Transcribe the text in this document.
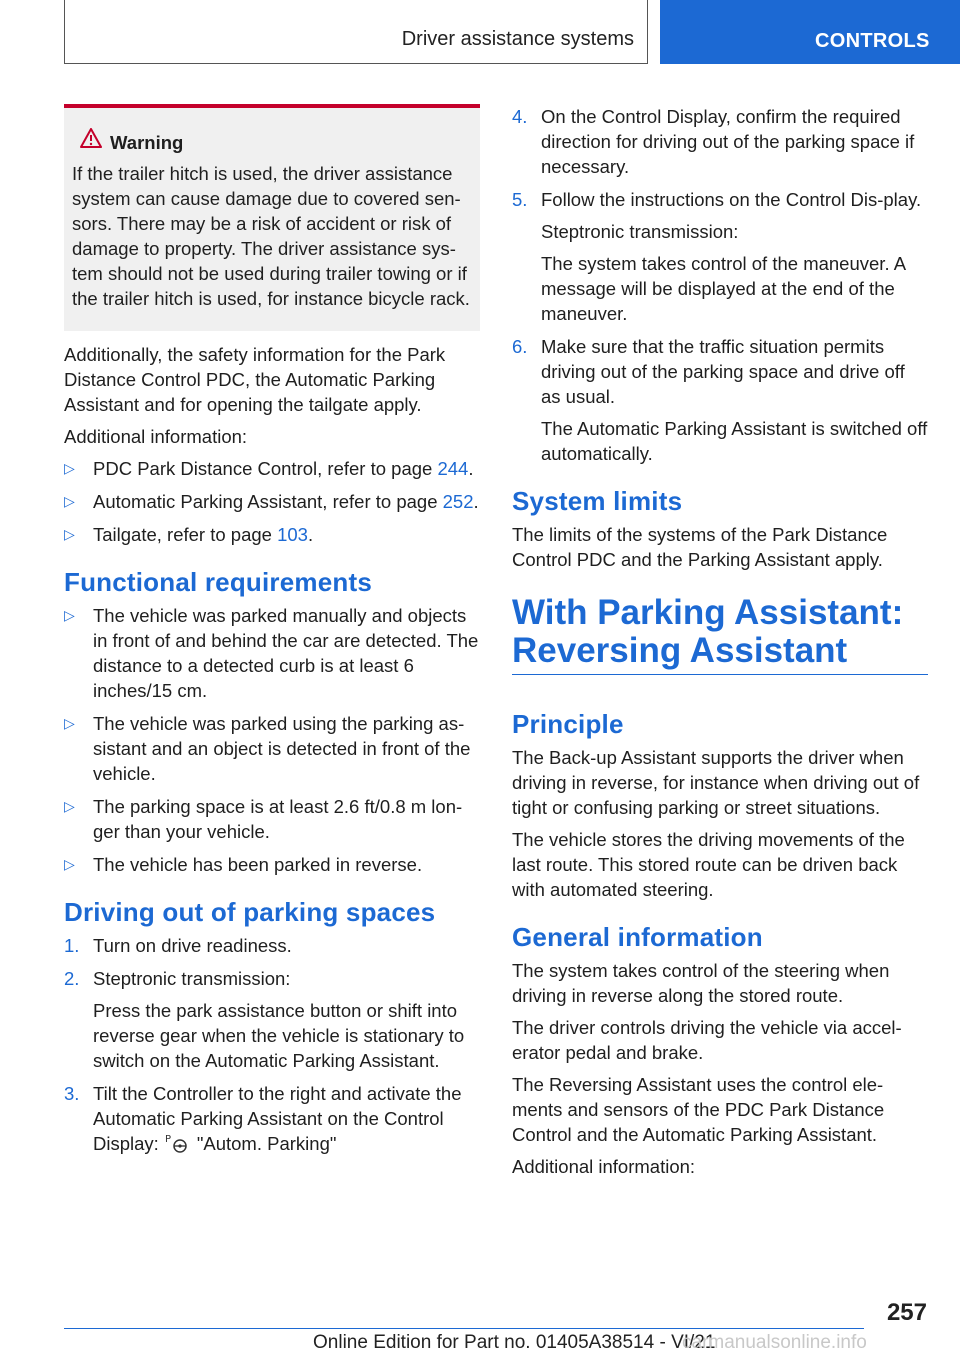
Driver assistance systems	CONTROLS
Warning

If the trailer hitch is used, the driver assistance system can cause damage due to covered sen‐sors. There may be a risk of accident or risk of damage to property. The driver assistance sys‐tem should not be used during trailer towing or if the trailer hitch is used, for instance bicycle rack.

Additionally, the safety information for the Park Distance Control PDC, the Automatic Parking Assistant and for opening the tailgate apply.

Additional information:

▷ PDC Park Distance Control, refer to page 244.
▷ Automatic Parking Assistant, refer to page 252.
▷ Tailgate, refer to page 103.
Functional requirements
▷ The vehicle was parked manually and objects in front of and behind the car are detected. The distance to a detected curb is at least 6 inches/15 cm.
▷ The vehicle was parked using the parking as‐sistant and an object is detected in front of the vehicle.
▷ The parking space is at least 2.6 ft/0.8 m lon‐ger than your vehicle.
▷ The vehicle has been parked in reverse.
Driving out of parking spaces
1. Turn on drive readiness.
2. Steptronic transmission:
Press the park assistance button or shift into reverse gear when the vehicle is stationary to switch on the Automatic Parking Assistant.
3. Tilt the Controller to the right and activate the Automatic Parking Assistant on the Control Display: P "Autom. Parking"
4. On the Control Display, confirm the required direction for driving out of the parking space if necessary.
5. Follow the instructions on the Control Dis‐play.
Steptronic transmission:
The system takes control of the maneuver. A message will be displayed at the end of the maneuver.
6. Make sure that the traffic situation permits driving out of the parking space and drive off as usual.
The Automatic Parking Assistant is switched off automatically.
System limits

The limits of the systems of the Park Distance Control PDC and the Parking Assistant apply.

With Parking Assistant: Reversing Assistant
Principle

The Back-up Assistant supports the driver when driving in reverse, for instance when driving out of tight or confusing parking or street situations.

The vehicle stores the driving movements of the last route. This stored route can be driven back with automated steering.

General information

The system takes control of the steering when driving in reverse along the stored route.

The driver controls driving the vehicle via accel‐erator pedal and brake.

The Reversing Assistant uses the control ele‐ments and sensors of the PDC Park Distance Control and the Automatic Parking Assistant.

Additional information:

257
Online Edition for Part no. 01405A38514 - VI/21
carmanualsonline.info
